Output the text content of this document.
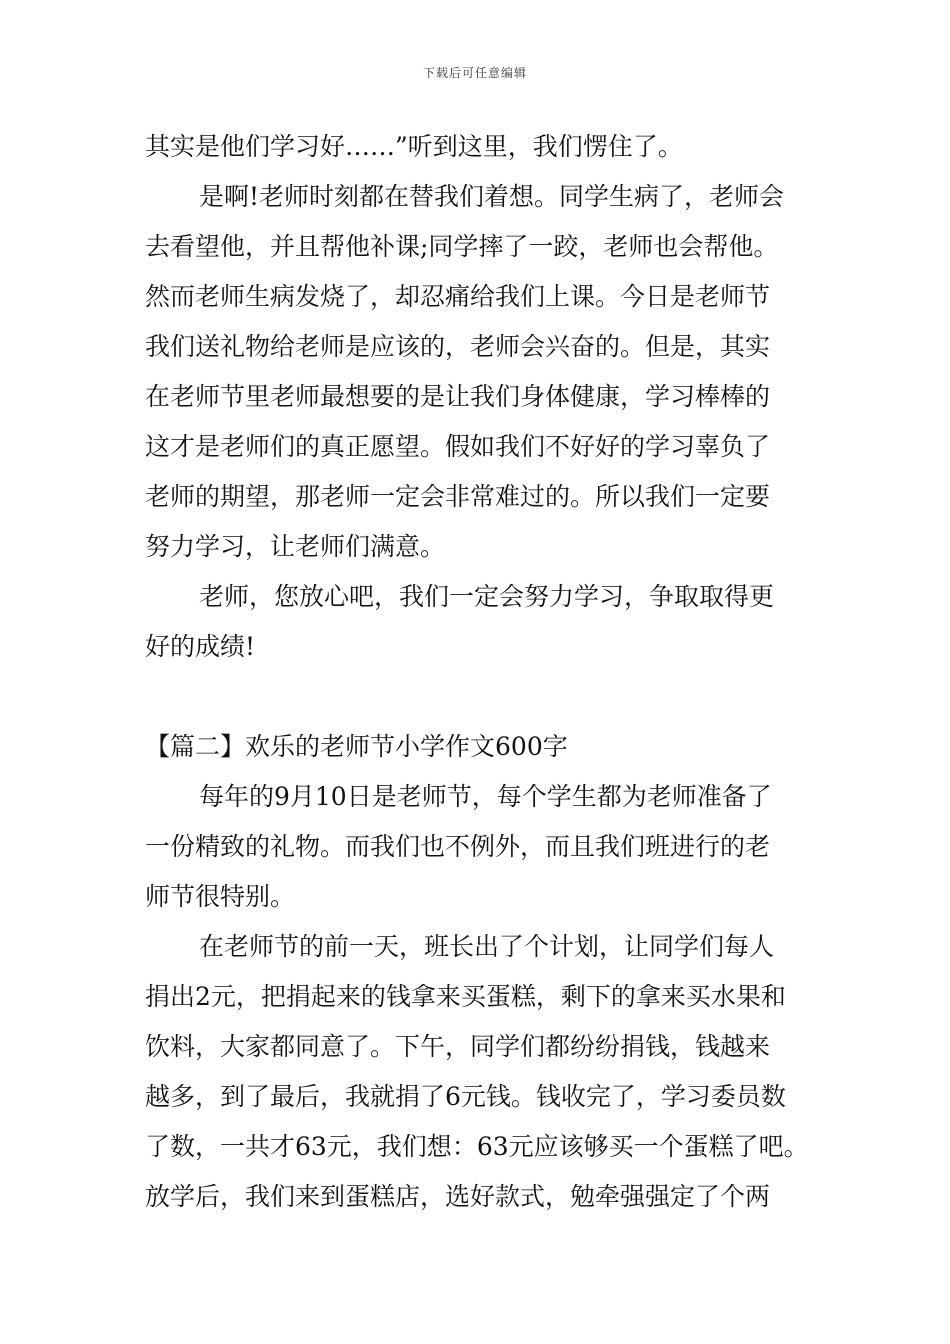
下载后可任意编辑
其实是他们学习好……”听到这里，我们愣住了。
是啊!老师时刻都在替我们着想。同学生病了，老师会
去看望他，并且帮他补课;同学摔了一跤，老师也会帮他。
然而老师生病发烧了，却忍痛给我们上课。今日是老师节
我们送礼物给老师是应该的，老师会兴奋的。但是，其实
在老师节里老师最想要的是让我们身体健康，学习棒棒的
这才是老师们的真正愿望。假如我们不好好的学习辜负了
老师的期望，那老师一定会非常难过的。所以我们一定要
努力学习，让老师们满意。
老师，您放心吧，我们一定会努力学习，争取取得更
好的成绩!
【篇二】欢乐的老师节小学作文600字
每年的9月10日是老师节，每个学生都为老师准备了
一份精致的礼物。而我们也不例外，而且我们班进行的老
师节很特别。
在老师节的前一天，班长出了个计划，让同学们每人
捐出2元，把捐起来的钱拿来买蛋糕，剩下的拿来买水果和
饮料，大家都同意了。下午，同学们都纷纷捐钱，钱越来
越多，到了最后，我就捐了6元钱。钱收完了，学习委员数
了数，一共才63元，我们想：63元应该够买一个蛋糕了吧。
放学后，我们来到蛋糕店，选好款式，勉牵强强定了个两
